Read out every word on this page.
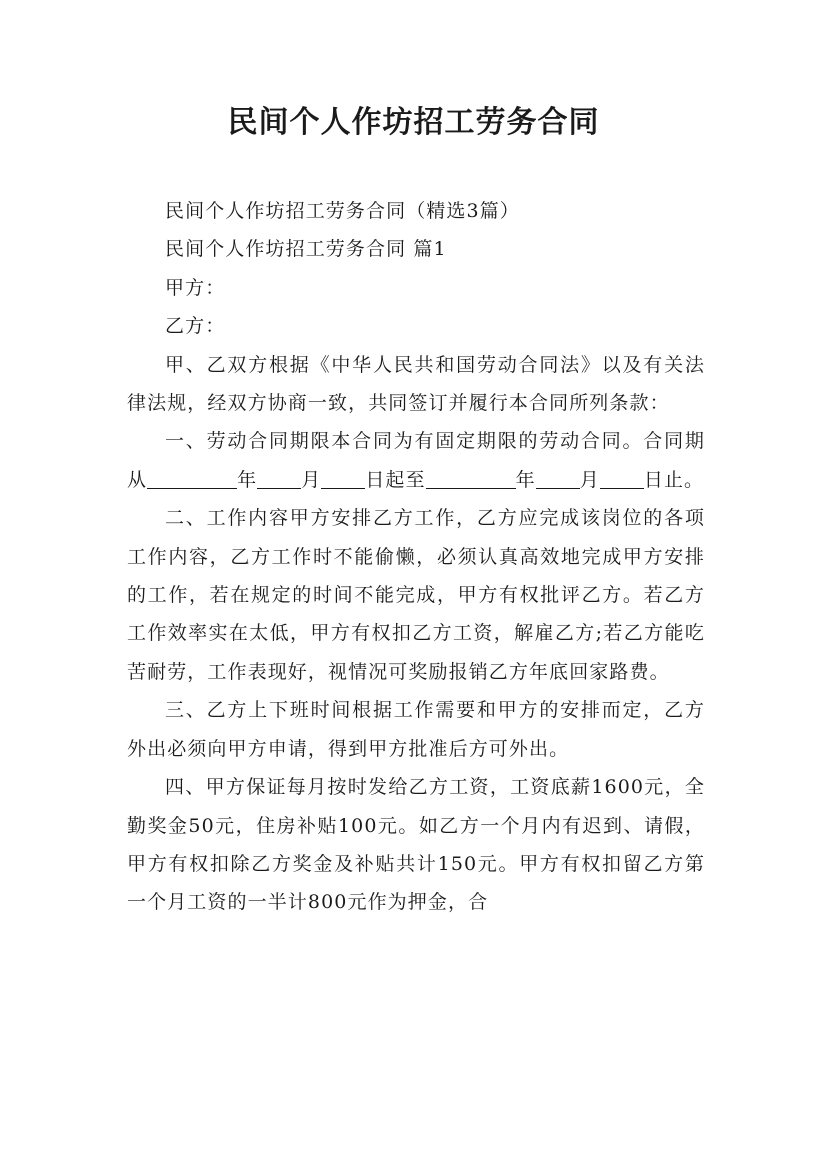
民间个人作坊招工劳务合同

民间个人作坊招工劳务合同（精选3篇）

民间个人作坊招工劳务合同 篇1

甲方：

乙方：

甲、乙双方根据《中华人民共和国劳动合同法》以及有关法律法规，经双方协商一致，共同签订并履行本合同所列条款：

一、劳动合同期限本合同为有固定期限的劳动合同。合同期从	年 月 日起至	年 月 日止。

二、工作内容甲方安排乙方工作，乙方应完成该岗位的各项工作内容，乙方工作时不能偷懒，必须认真高效地完成甲方安排的工作，若在规定的时间不能完成，甲方有权批评乙方。若乙方工作效率实在太低，甲方有权扣乙方工资，解雇乙方;若乙方能吃苦耐劳，工作表现好，视情况可奖励报销乙方年底回家路费。

三、乙方上下班时间根据工作需要和甲方的安排而定，乙方外出必须向甲方申请，得到甲方批准后方可外出。

四、甲方保证每月按时发给乙方工资，工资底薪1600元，全勤奖金50元，住房补贴100元。如乙方一个月内有迟到、请假，甲方有权扣除乙方奖金及补贴共计150元。甲方有权扣留乙方第一个月工资的一半计800元作为押金，合
